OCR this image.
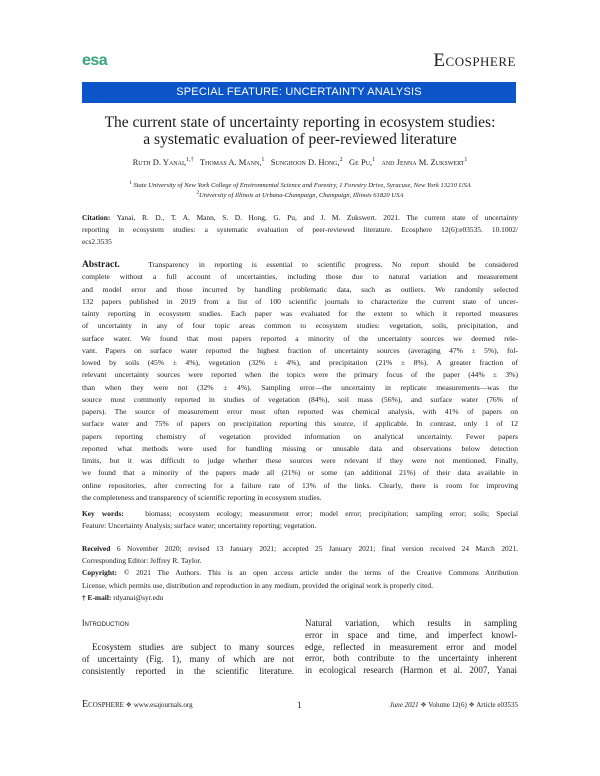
esa	Ecosphere
SPECIAL FEATURE: UNCERTAINTY ANALYSIS
The current state of uncertainty reporting in ecosystem studies:
a systematic evaluation of peer-reviewed literature
Ruth D. Yanai,$^{1,\dagger}$ Thomas A. Mann,$^1$ Sunghoon D. Hong,$^2$ Ge Pu,$^1$ and Jenna M. Zukswert$^1$
$^1$ State University of New York College of Environmental Science and Forestry, 1 Forestry Drive, Syracuse, New York 13210 USA
$^2$University of Illinois at Urbana-Champaign, Champaign, Illinois 61820 USA
Citation: Yanai, R. D., T. A. Mann, S. D. Hong, G. Pu, and J. M. Zukswert. 2021. The current state of uncertainty
reporting in ecosystem studies: a systematic evaluation of peer-reviewed literature. Ecosphere 12(6):e03535. 10.1002/
ecs2.3535
Abstract.	Transparency in reporting is essential to scientific progress. No report should be considered
complete without a full account of uncertainties, including those due to natural variation and measurement
and model error and those incurred by handling problematic data, such as outliers. We randomly selected
132 papers published in 2019 from a list of 100 scientific journals to characterize the current state of uncer-
tainty reporting in ecosystem studies. Each paper was evaluated for the extent to which it reported measures
of uncertainty in any of four topic areas common to ecosystem studies: vegetation, soils, precipitation, and
surface water. We found that most papers reported a minority of the uncertainty sources we deemed rele-
vant. Papers on surface water reported the highest fraction of uncertainty sources (averaging 47% ± 5%), fol-
lowed by soils (45% ± 4%), vegetation (32% ± 4%), and precipitation (21% ± 8%). A greater fraction of
relevant uncertainty sources were reported when the topics were the primary focus of the paper (44% ± 3%)
than when they were not (32% ± 4%). Sampling error—the uncertainty in replicate measurements—was the
source most commonly reported in studies of vegetation (84%), soil mass (56%), and surface water (76% of
papers). The source of measurement error most often reported was chemical analysis, with 41% of papers on
surface water and 75% of papers on precipitation reporting this source, if applicable. In contrast, only 1 of 12
papers reporting chemistry of vegetation provided information on analytical uncertainty. Fewer papers
reported what methods were used for handling missing or unusable data and observations below detection
limits, but it was difficult to judge whether these sources were relevant if they were not mentioned. Finally,
we found that a minority of the papers made all (21%) or some (an additional 21%) of their data available in
online repositories, after correcting for a failure rate of 13% of the links. Clearly, there is room for improving
the completeness and transparency of scientific reporting in ecosystem studies.
Key words:	biomass; ecosystem ecology; measurement error; model error; precipitation; sampling error; soils; Special
Feature: Uncertainty Analysis; surface water; uncertainty reporting; vegetation.
Received 6 November 2020; revised 13 January 2021; accepted 25 January 2021; final version received 24 March 2021.
Corresponding Editor: Jeffrey R. Taylor.
Copyright: © 2021 The Authors. This is an open access article under the terms of the Creative Commons Attribution
License, which permits use, distribution and reproduction in any medium, provided the original work is properly cited.
† E-mail: rdyanai@syr.edu
Introduction
Ecosystem studies are subject to many sources
of uncertainty (Fig. 1), many of which are not
consistently reported in the scientific literature.
Natural variation, which results in sampling
error in space and time, and imperfect knowl-
edge, reflected in measurement error and model
error, both contribute to the uncertainty inherent
in ecological research (Harmon et al. 2007, Yanai
Ecosphere ❖ www.esajournals.org	1	June 2021 ❖ Volume 12(6) ❖ Article e03535
